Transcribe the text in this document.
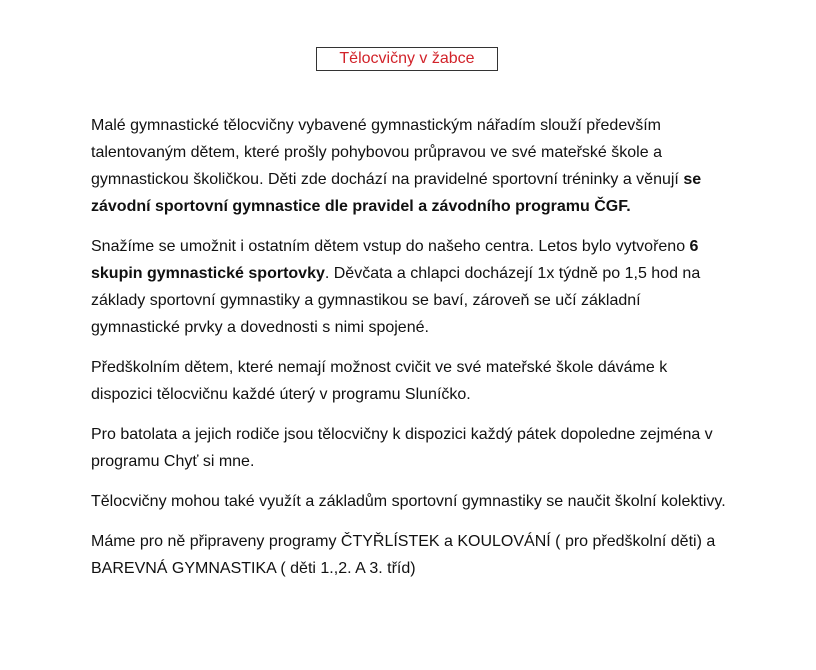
Tělocvičny v žabce

Malé gymnastické tělocvičny vybavené gymnastickým nářadím slouží především talentovaným dětem, které prošly pohybovou průpravou ve své mateřské škole a gymnastickou školičkou. Děti zde dochází na pravidelné sportovní tréninky a věnují se závodní sportovní gymnastice dle pravidel a závodního programu ČGF.

Snažíme se umožnit i ostatním dětem vstup do našeho centra. Letos bylo vytvořeno 6 skupin gymnastické sportovky. Děvčata a chlapci docházejí 1x týdně po 1,5 hod na základy sportovní gymnastiky a gymnastikou se baví, zároveň se učí základní gymnastické prvky a dovednosti s nimi spojené.

Předškolním dětem, které nemají možnost cvičit ve své mateřské škole dáváme k dispozici tělocvičnu každé úterý v programu Sluníčko.

Pro batolata a jejich rodiče jsou tělocvičny k dispozici každý pátek dopoledne zejména v programu Chyť si mne.

Tělocvičny mohou také využít a základům sportovní gymnastiky se naučit školní kolektivy.

Máme pro ně připraveny programy ČTYŘLÍSTEK a KOULOVÁNÍ ( pro předškolní děti) a BAREVNÁ GYMNASTIKA ( děti 1.,2. A 3. tříd)
